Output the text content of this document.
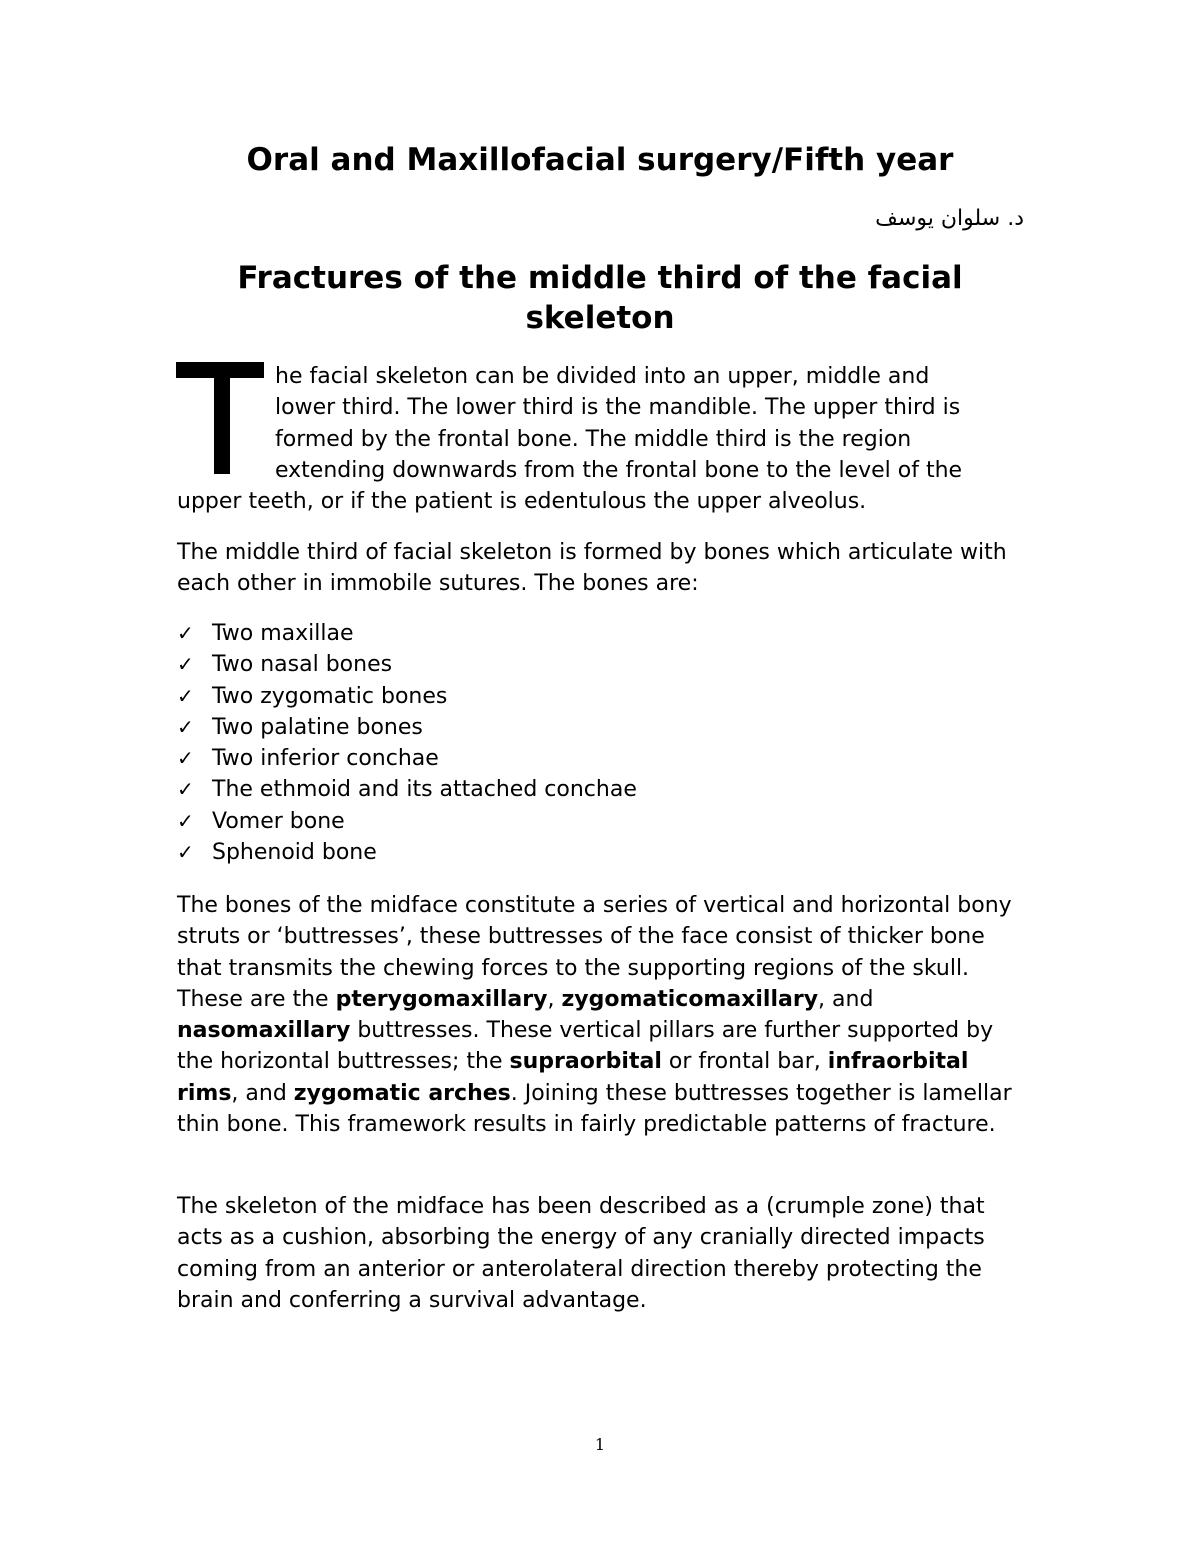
Oral and Maxillofacial surgery/Fifth year
د. سلوان يوسف
Fractures of the middle third of the facial skeleton
he facial skeleton can be divided into an upper, middle and
lower third. The lower third is the mandible. The upper third is
formed by the frontal bone. The middle third is the region
extending downwards from the frontal bone to the level of the
upper teeth, or if the patient is edentulous the upper alveolus.
The middle third of facial skeleton is formed by bones which articulate with each other in immobile sutures. The bones are:
✓ Two maxillae
✓ Two nasal bones
✓ Two zygomatic bones
✓ Two palatine bones
✓ Two inferior conchae
✓ The ethmoid and its attached conchae
✓ Vomer bone
✓ Sphenoid bone
The bones of the midface constitute a series of vertical and horizontal bony struts or ‘buttresses’, these buttresses of the face consist of thicker bone that transmits the chewing forces to the supporting regions of the skull. These are the pterygomaxillary, zygomaticomaxillary, and nasomaxillary buttresses. These vertical pillars are further supported by the horizontal buttresses; the supraorbital or frontal bar, infraorbital rims, and zygomatic arches. Joining these buttresses together is lamellar thin bone. This framework results in fairly predictable patterns of fracture.
The skeleton of the midface has been described as a (crumple zone) that acts as a cushion, absorbing the energy of any cranially directed impacts coming from an anterior or anterolateral direction thereby protecting the brain and conferring a survival advantage.
1
